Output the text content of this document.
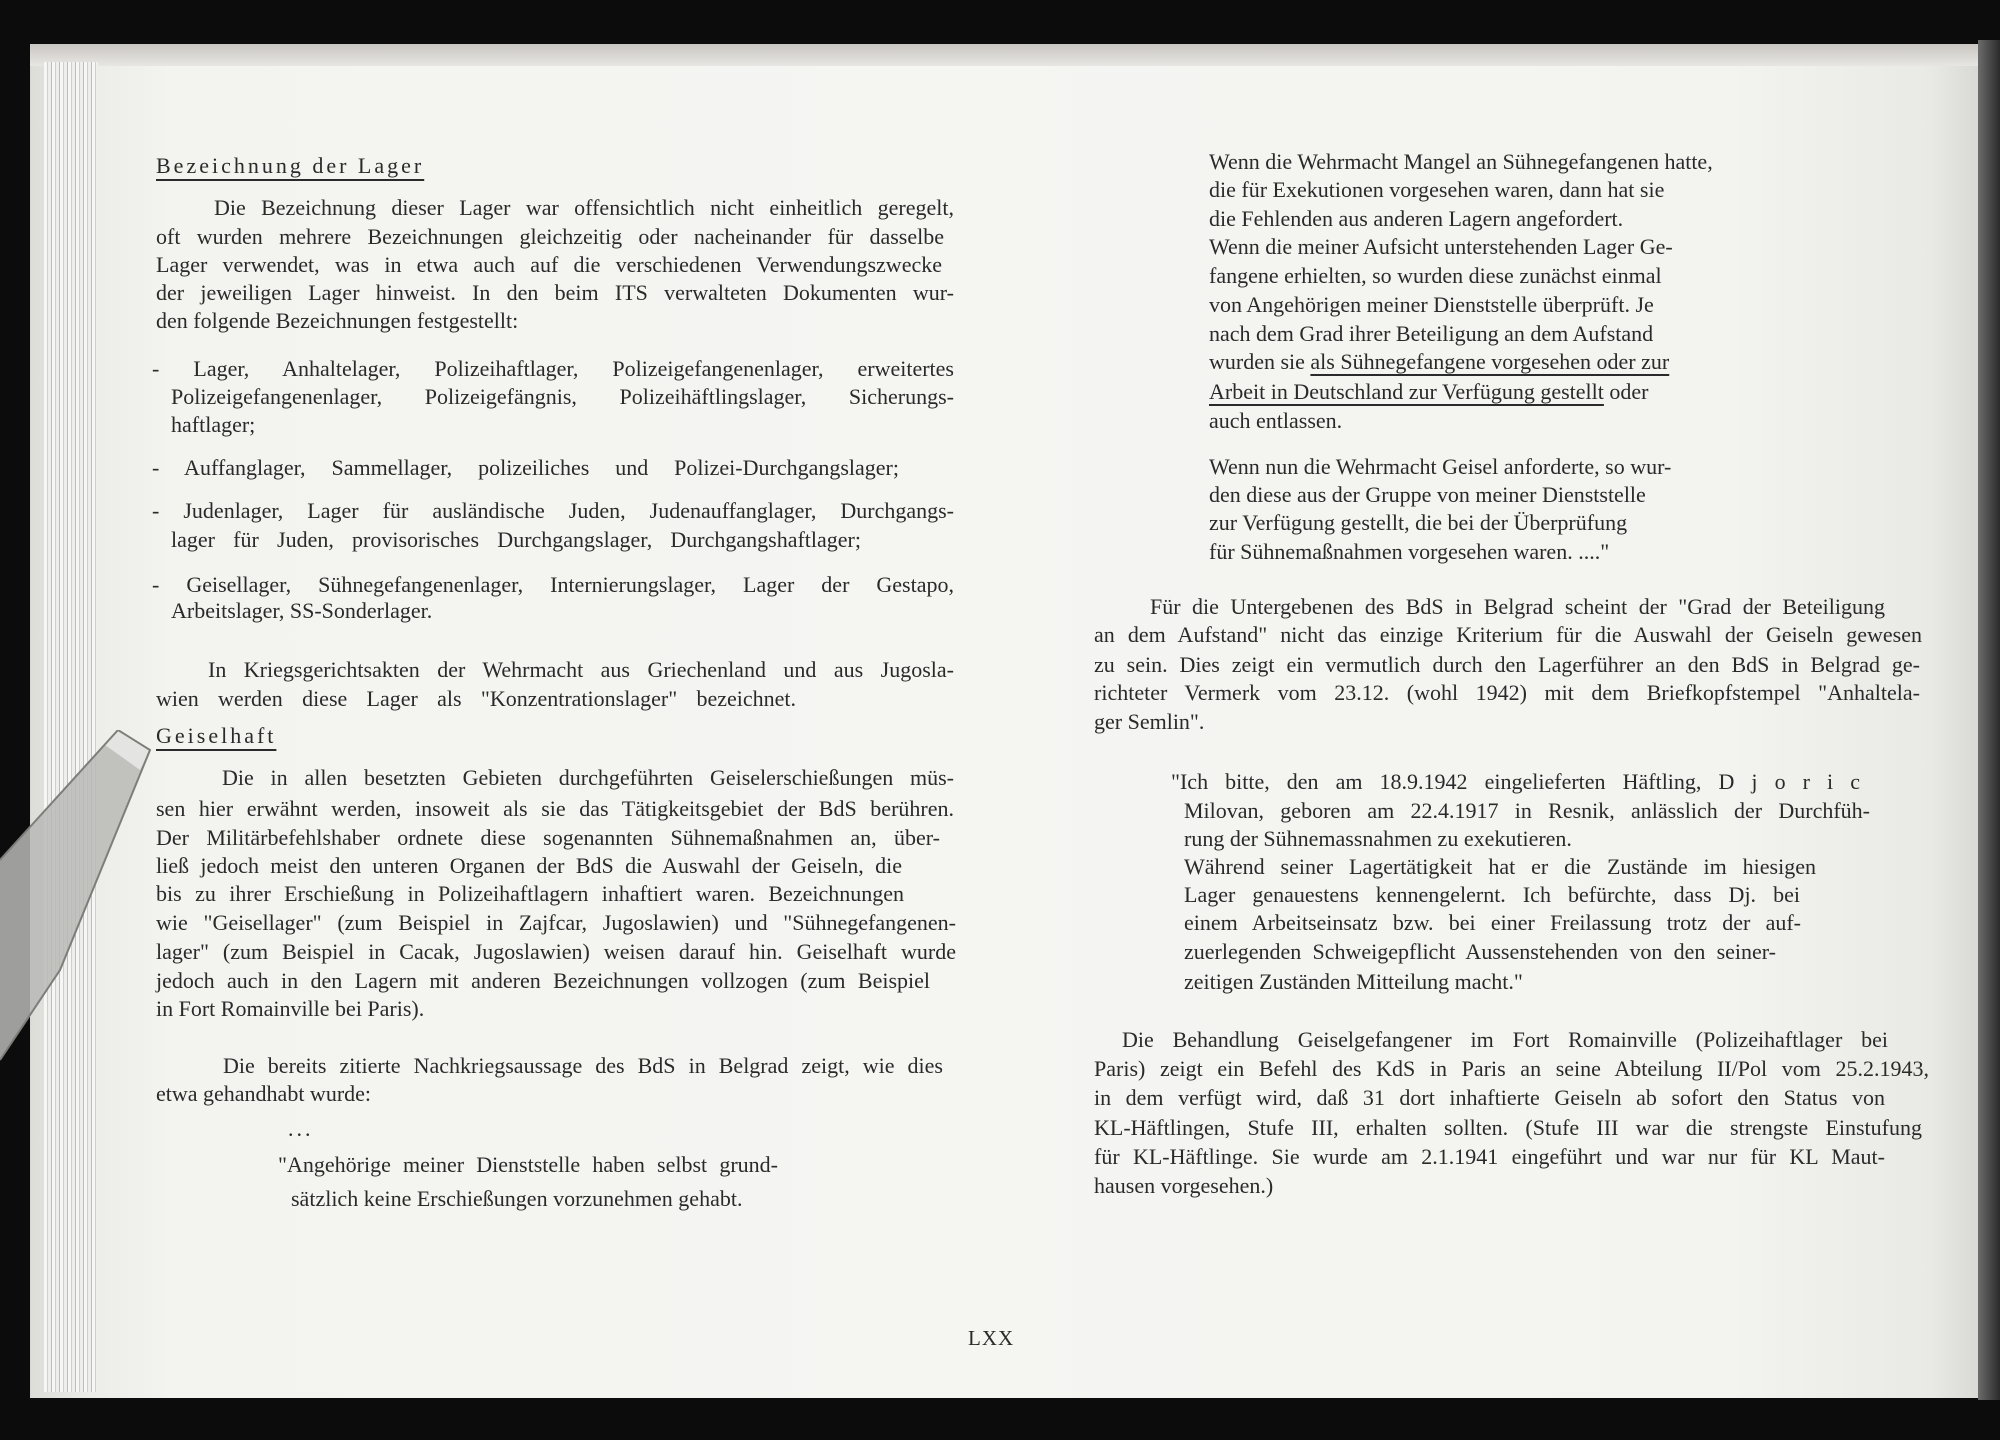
Bezeichnung der Lager
Die Bezeichnung dieser Lager war offensichtlich nicht einheitlich geregelt,
oft wurden mehrere Bezeichnungen gleichzeitig oder nacheinander für dasselbe
Lager verwendet, was in etwa auch auf die verschiedenen Verwendungszwecke
der jeweiligen Lager hinweist. In den beim ITS verwalteten Dokumenten wur-
den folgende Bezeichnungen festgestellt:
- Lager, Anhaltelager, Polizeihaftlager, Polizeigefangenenlager, erweitertes
Polizeigefangenenlager, Polizeigefängnis, Polizeihäftlingslager, Sicherungs-
haftlager;
- Auffanglager, Sammellager, polizeiliches und Polizei-Durchgangslager;
- Judenlager, Lager für ausländische Juden, Judenauffanglager, Durchgangs-
lager für Juden, provisorisches Durchgangslager, Durchgangshaftlager;
- Geisellager, Sühnegefangenenlager, Internierungslager, Lager der Gestapo,
Arbeitslager, SS-Sonderlager.
In Kriegsgerichtsakten der Wehrmacht aus Griechenland und aus Jugosla-
wien werden diese Lager als "Konzentrationslager" bezeichnet.
Geiselhaft
Die in allen besetzten Gebieten durchgeführten Geiselerschießungen müs-
sen hier erwähnt werden, insoweit als sie das Tätigkeitsgebiet der BdS berühren.
Der Militärbefehlshaber ordnete diese sogenannten Sühnemaßnahmen an, über-
ließ jedoch meist den unteren Organen der BdS die Auswahl der Geiseln, die
bis zu ihrer Erschießung in Polizeihaftlagern inhaftiert waren. Bezeichnungen
wie "Geisellager" (zum Beispiel in Zajfcar, Jugoslawien) und "Sühnegefangenen-
lager" (zum Beispiel in Cacak, Jugoslawien) weisen darauf hin. Geiselhaft wurde
jedoch auch in den Lagern mit anderen Bezeichnungen vollzogen (zum Beispiel
in Fort Romainville bei Paris).
Die bereits zitierte Nachkriegsaussage des BdS in Belgrad zeigt, wie dies
etwa gehandhabt wurde:
...
"Angehörige meiner Dienststelle haben selbst grund-
sätzlich keine Erschießungen vorzunehmen gehabt.
Wenn die Wehrmacht Mangel an Sühnegefangenen hatte,
die für Exekutionen vorgesehen waren, dann hat sie
die Fehlenden aus anderen Lagern angefordert.
Wenn die meiner Aufsicht unterstehenden Lager Ge-
fangene erhielten, so wurden diese zunächst einmal
von Angehörigen meiner Dienststelle überprüft. Je
nach dem Grad ihrer Beteiligung an dem Aufstand
wurden sie als Sühnegefangene vorgesehen oder zur
Arbeit in Deutschland zur Verfügung gestellt oder
auch entlassen.
Wenn nun die Wehrmacht Geisel anforderte, so wur-
den diese aus der Gruppe von meiner Dienststelle
zur Verfügung gestellt, die bei der Überprüfung
für Sühnemaßnahmen vorgesehen waren. ...."
Für die Untergebenen des BdS in Belgrad scheint der "Grad der Beteiligung
an dem Aufstand" nicht das einzige Kriterium für die Auswahl der Geiseln gewesen
zu sein. Dies zeigt ein vermutlich durch den Lagerführer an den BdS in Belgrad ge-
richteter Vermerk vom 23.12. (wohl 1942) mit dem Briefkopfstempel "Anhaltela-
ger Semlin".
"Ich bitte, den am 18.9.1942 eingelieferten Häftling, D j o r i c
Milovan, geboren am 22.4.1917 in Resnik, anlässlich der Durchfüh-
rung der Sühnemassnahmen zu exekutieren.
Während seiner Lagertätigkeit hat er die Zustände im hiesigen
Lager genauestens kennengelernt. Ich befürchte, dass Dj. bei
einem Arbeitseinsatz bzw. bei einer Freilassung trotz der auf-
zuerlegenden Schweigepflicht Aussenstehenden von den seiner-
zeitigen Zuständen Mitteilung macht."
Die Behandlung Geiselgefangener im Fort Romainville (Polizeihaftlager bei
Paris) zeigt ein Befehl des KdS in Paris an seine Abteilung II/Pol vom 25.2.1943,
in dem verfügt wird, daß 31 dort inhaftierte Geiseln ab sofort den Status von
KL-Häftlingen, Stufe III, erhalten sollten. (Stufe III war die strengste Einstufung
für KL-Häftlinge. Sie wurde am 2.1.1941 eingeführt und war nur für KL Maut-
hausen vorgesehen.)
LXX
